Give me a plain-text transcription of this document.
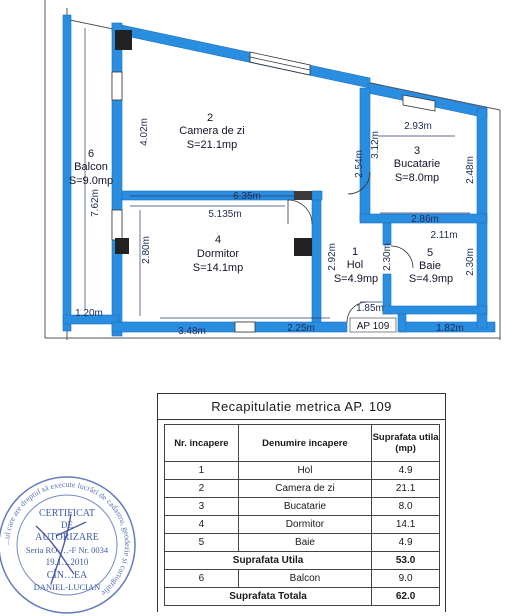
2
Camera de zi
S=21.1mp
6
Balcon
S=9.0mp
3
Bucatarie
S=8.0mp
4
Dormitor
S=14.1mp
1
Hol
S=4.9mp
5
Baie
S=4.9mp
4.02m
7.62m
2.80m	2.92m	2.30m	2.30m
2.54m
3.12m
2.48m
2.93m
2.86m
2.11m
6.35m
5.135m
1.85m
1.20m
3.48m	2.25m	1.82m
AP 109
Recapitulatie metrica AP. 109
Nr. incapere	Denumire incapere	Suprafata utila (mp)
1	Hol	4.9
2	Camera de zi	21.1
3	Bucatarie	8.0
4	Dormitor	14.1
5	Baie	4.9
Suprafata Utila		53.0
6	Balcon	9.0
Suprafata Totala		62.0
...ul care are dreptul să execute lucrări de cadastru, geodezie și cartografie
CERTIFICAT
DE
AUTORIZARE
Seria RO-…-F Nr. 0034
19.1…2010
CÎN…EA
DANIEL-LUCIAN
